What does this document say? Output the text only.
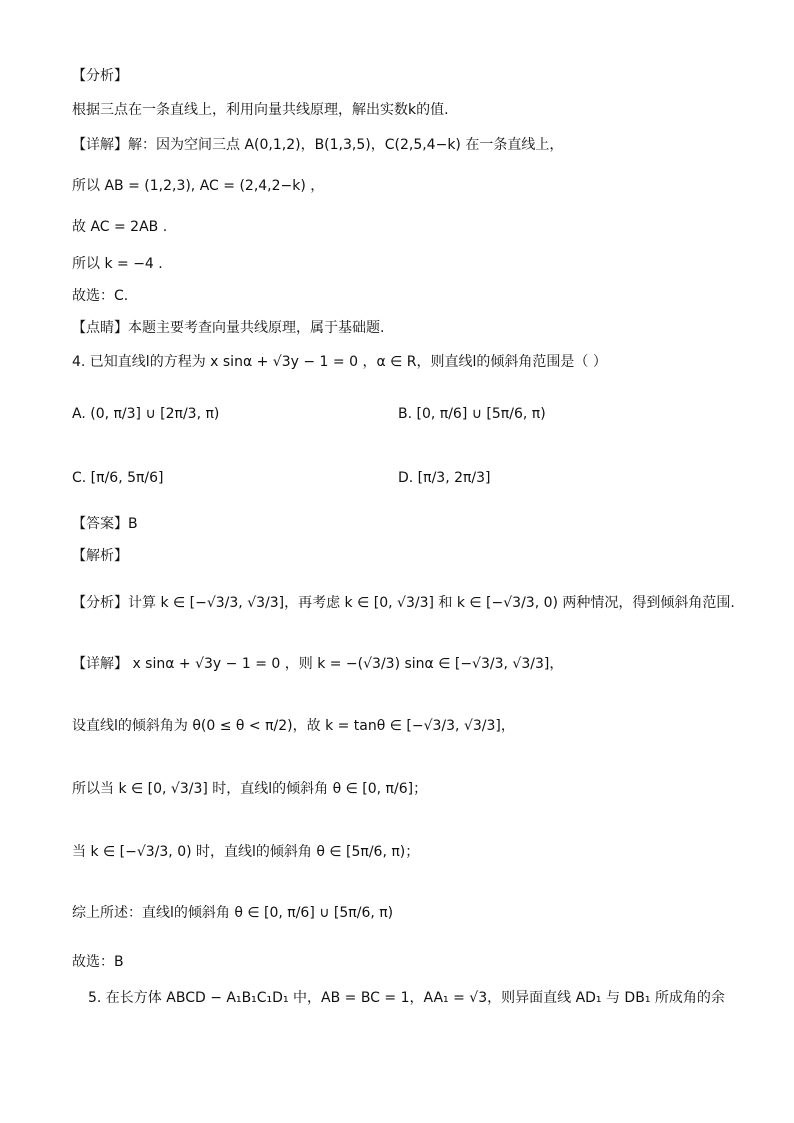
【分析】
根据三点在一条直线上，利用向量共线原理，解出实数k的值.
【详解】解：因为空间三点 A(0,1,2)，B(1,3,5)，C(2,5,4−k) 在一条直线上，
所以 AB = (1,2,3), AC = (2,4,2−k) ，
故 AC = 2AB .
所以 k = −4 .
故选：C.
【点睛】本题主要考查向量共线原理，属于基础题.
4. 已知直线l的方程为 x sinα + √3y − 1 = 0 ，α ∈ R，则直线l的倾斜角范围是（ ）
A. (0, π/3] ∪ [2π/3, π)	B. [0, π/6] ∪ [5π/6, π)
C. [π/6, 5π/6]	D. [π/3, 2π/3]
【答案】B
【解析】
【分析】计算 k ∈ [−√3/3, √3/3]，再考虑 k ∈ [0, √3/3] 和 k ∈ [−√3/3, 0) 两种情况，得到倾斜角范围.
【详解】 x sinα + √3y − 1 = 0 ，则 k = −(√3/3) sinα ∈ [−√3/3, √3/3]，
设直线l的倾斜角为 θ(0 ≤ θ < π/2)，故 k = tanθ ∈ [−√3/3, √3/3]，
所以当 k ∈ [0, √3/3] 时，直线l的倾斜角 θ ∈ [0, π/6]；
当 k ∈ [−√3/3, 0) 时，直线l的倾斜角 θ ∈ [5π/6, π)；
综上所述：直线l的倾斜角 θ ∈ [0, π/6] ∪ [5π/6, π)
故选：B
5. 在长方体 ABCD − A₁B₁C₁D₁ 中，AB = BC = 1，AA₁ = √3，则异面直线 AD₁ 与 DB₁ 所成角的余
